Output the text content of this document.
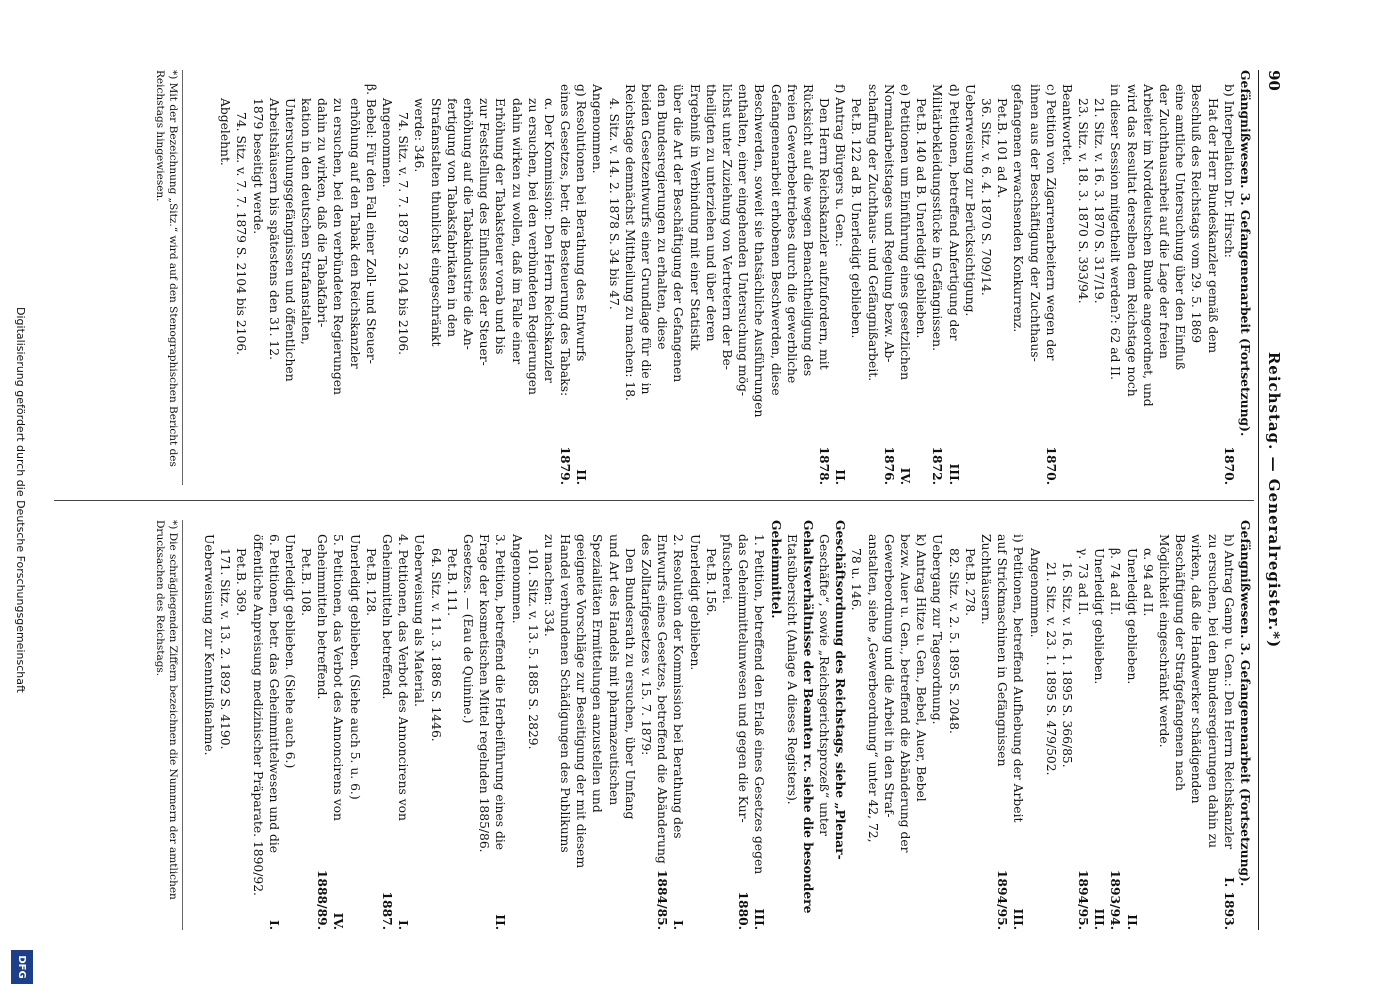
90
Reichstag. — Generalregister.*)
Gefängnißwesen. 3. Gefangenenarbeit (Fortsetzung).
b) Interpellation Dr. Hirsch:
1870.
Hat der Herr Bundeskanzler gemäß dem
Beschluß des Reichstags vom 29. 5. 1869
eine amtliche Untersuchung über den Einfluß
der Zuchthausarbeit auf die Lage der freien
Arbeiter im Norddeutschen Bunde angeordnet, und
wird das Resultat derselben dem Reichstage noch
in dieser Session mitgetheilt werden?: 62 ad II.
21. Sitz. v. 16. 3. 1870 S. 317/19.
23. Sitz. v. 18. 3. 1870 S. 393/94.
Beantwortet.
c) Petition von Zigarrenarbeitern wegen der
1870.
ihnen aus der Beschäftigung der Zuchthaus-
gefangenen erwachsenden Konkurrenz.
Pet.B. 101 ad A.
36. Sitz. v. 6. 4. 1870 S. 709/14.
Ueberweisung zur Berücksichtigung.
d) Petitionen, betreffend Anfertigung der
III.
Militärbekleidungsstücke in Gefängnissen.
1872.
Pet.B. 140 ad B. Unerledigt geblieben.
e) Petitionen um Einführung eines gesetzlichen
IV.
Normalarbeitstages und Regelung bezw. Ab-
1876.
schaffung der Zuchthaus- und Gefängnißarbeit.
Pet.B. 122 ad B. Unerledigt geblieben.
f) Antrag Bürgers u. Gen.:
II.
Den Herrn Reichskanzler aufzufordern, mit
1878.
Rücksicht auf die wegen Benachtheiligung des
freien Gewerbebetriebes durch die gewerbliche
Gefangenenarbeit erhobenen Beschwerden, diese
Beschwerden, soweit sie thatsächliche Ausführungen
enthalten, einer eingehenden Untersuchung mög-
lichst unter Zuziehung von Vertretern der Be-
theiligten zu unterziehen und über deren
Ergebniß in Verbindung mit einer Statistik
über die Art der Beschäftigung der Gefangenen
den Bundesregierungen zu erhalten, diese
beiden Gesetzentwurfs einer Grundlage für die in
Reichstage demnächst Mittheilung zu machen: 18.
4. Sitz. v. 14. 2. 1878 S. 34 bis 47.
Angenommen.
g) Resolutionen bei Berathung des Entwurfs
II.
eines Gesetzes, betr. die Besteuerung des Tabaks:
1879.
α. Der Kommission: Den Herrn Reichskanzler
zu ersuchen, bei den verbündeten Regierungen
dahin wirken zu wollen, daß im Falle einer
Erhöhung der Tabaksteuer vorab und bis
zur Feststellung des Einflusses der Steuer-
erhöhung auf die Tabakindustrie die An-
fertigung von Tabaksfabrikaten in den
Strafanstalten thunlichst eingeschränkt
werde: 346.
74. Sitz. v. 7. 7. 1879 S. 2104 bis 2106.
Angenommen.
β. Bebel: Für den Fall einer Zoll- und Steuer-
erhöhung auf den Tabak den Reichskanzler
zu ersuchen, bei den verbündeten Regierungen
dahin zu wirken, daß die Tabakfabri-
kation in den deutschen Strafanstalten,
Untersuchungsgefängnissen und öffentlichen
Arbeitshäusern bis spätestens den 31. 12.
1879 beseitigt werde.
74. Sitz. v. 7. 7. 1879 S. 2104 bis 2106.
Abgelehnt.
Gefängnißwesen. 3. Gefangenenarbeit (Fortsetzung).
h) Antrag Gamp u. Gen.: Den Herrn Reichskanzler
I. 1893.
zu ersuchen, bei den Bundesregierungen dahin zu
wirken, daß die Handwerker schädigenden
Beschäftigung der Strafgefangenen nach
Möglichkeit eingeschränkt werde.
α. 94 ad II.
Unerledigt geblieben.
II.
β. 74 ad II.
1893/94.
Unerledigt geblieben.
III.
γ. 73 ad II.
1894/95.
16. Sitz. v. 16. 1. 1895 S. 366/85.
21. Sitz. v. 23. 1. 1895 S. 479/502.
Angenommen.
i) Petitionen, betreffend Aufhebung der Arbeit
III.
auf Strickmaschinen in Gefängnissen
1894/95.
Zuchthäusern.
Pet.B. 278.
82. Sitz. v. 2. 5. 1895 S. 2048.
Uebergang zur Tagesordnung.
k) Antrag Hitze u. Gen., Bebel, Auer, Bebel
bezw. Auer u. Gen., betreffend die Abänderung der
Gewerbeordnung und die Arbeit in den Straf-
anstalten, siehe „Gewerbeordnung“ unter 42, 72,
78 u. 146.
Geschäftsordnung des Reichstags, siehe „Plenar-
Geschäfte“, sowie „Reichsgerichtsprozeß“ unter
Gehaltsverhältnisse der Beamten rc. siehe die besondere
Etatsübersicht (Anlage A dieses Registers).
Geheimmittel.
1. Petition, betreffend den Erlaß eines Gesetzes gegen
III.
das Geheimmittelunwesen und gegen die Kur-
1880.
pfuscherei.
Pet.B. 156.
Unerledigt geblieben.
2. Resolution der Kommission bei Berathung des
I.
Entwurfs eines Gesetzes, betreffend die Abänderung
1884/85.
des Zolltarifgesetzes v. 15. 7. 1879:
Den Bundesrath zu ersuchen, über Umfang
und Art des Handels mit pharmazeutischen
Spezialitäten Ermittelungen anzustellen und
geeignete Vorschläge zur Beseitigung der mit diesem
Handel verbundenen Schädigungen des Publikums
zu machen: 334.
101. Sitz. v. 13. 5. 1885 S. 2829.
Angenommen.
3. Petition, betreffend die Herbeiführung eines die
II.
Frage der kosmetischen Mittel regelnden 1885/86.
Gesetzes. — (Eau de Quinine.)
Pet.B. 111.
64. Sitz. v. 11. 3. 1886 S. 1446.
Ueberweisung als Material.
4. Petitionen, das Verbot des Annoncirens von
I.
Geheimmitteln betreffend.
1887.
Pet.B. 128.
Unerledigt geblieben. (Siehe auch 5. u. 6.)
5. Petitionen, das Verbot des Annoncirens von
IV.
Geheimmitteln betreffend.
1888/89.
Pet.B. 108.
Unerledigt geblieben. (Siehe auch 6.)
6. Petitionen, betr. das Geheimmittelwesen und die
I.
öffentliche Anpreisung medizinischer Präparate. 1890/92.
Pet.B. 369.
171. Sitz. v. 13. 2. 1892 S. 4190.
Ueberweisung zur Kenntnißnahme.
*) Mit der Bezeichnung „Sitz.“ wird auf den Stenographischen Bericht des Reichstags hingewiesen.
*) Die schrägliegenden Ziffern bezeichnen die Nummern der amtlichen Drucksachen des Reichstags.
Digitalisierung gefördert durch die Deutsche Forschungsgemeinschaft
DFG
